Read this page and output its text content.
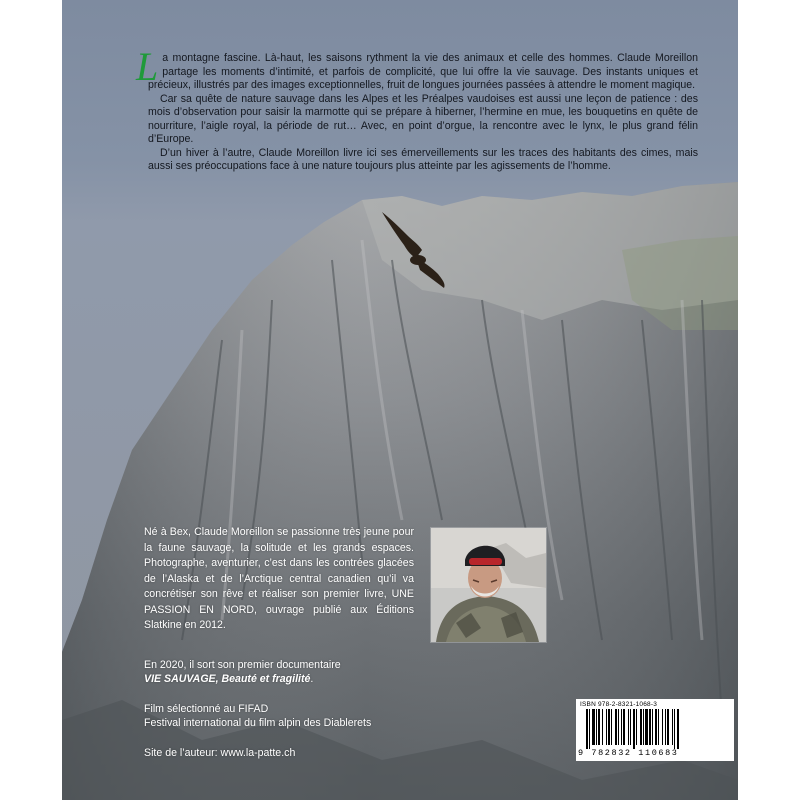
La montagne fascine. Là-haut, les saisons rythment la vie des animaux et celle des hommes. Claude Moreillon partage les moments d’intimité, et parfois de complicité, que lui offre la vie sauvage. Des instants uniques et précieux, illustrés par des images exceptionnelles, fruit de longues journées passées à attendre le moment magique.

Car sa quête de nature sauvage dans les Alpes et les Préalpes vaudoises est aussi une leçon de patience : des mois d’observation pour saisir la marmotte qui se prépare à hiberner, l’hermine en mue, les bouquetins en quête de nourriture, l’aigle royal, la période de rut… Avec, en point d’orgue, la rencontre avec le lynx, le plus grand félin d’Europe.

D’un hiver à l’autre, Claude Moreillon livre ici ses émerveillements sur les traces des habitants des cimes, mais aussi ses préoccupations face à une nature toujours plus atteinte par les agissements de l’homme.

Né à Bex, Claude Moreillon se passionne très jeune pour la faune sauvage, la solitude et les grands espaces. Photographe, aventurier, c’est dans les contrées glacées de l’Alaska et de l’Arctique central canadien qu’il va concrétiser son rêve et réaliser son premier livre, UNE PASSION EN NORD, ouvrage publié aux Éditions Slatkine en 2012.

En 2020, il sort son premier documentaire

VIE SAUVAGE, Beauté et fragilité.

Film sélectionné au FIFAD

Festival international du film alpin des Diablerets

Site de l’auteur: www.la-patte.ch

ISBN 978-2-8321-1068-3
9 782832 110683
